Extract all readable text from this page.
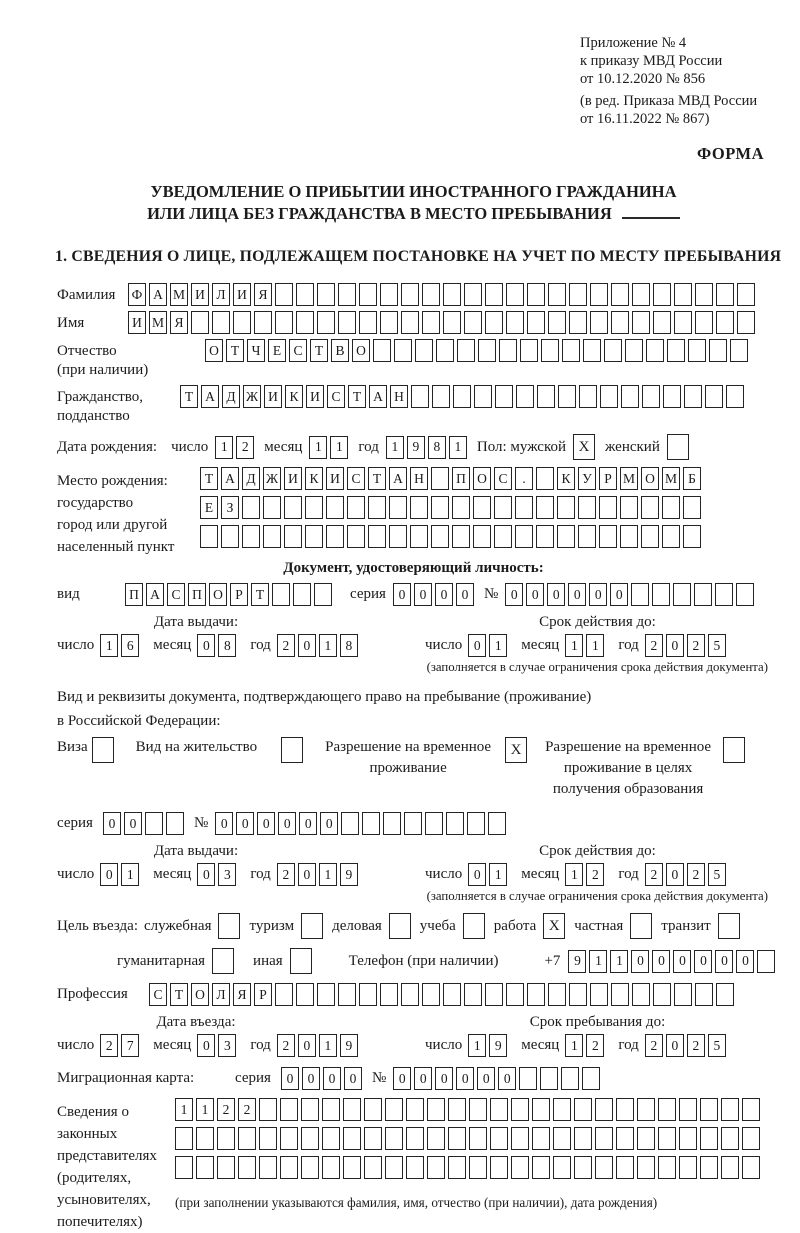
Приложение № 4
к приказу МВД России
от 10.12.2020 № 856
(в ред. Приказа МВД России
от 16.11.2022 № 867)
ФОРМА
УВЕДОМЛЕНИЕ О ПРИБЫТИИ ИНОСТРАННОГО ГРАЖДАНИНА
ИЛИ ЛИЦА БЕЗ ГРАЖДАНСТВА В МЕСТО ПРЕБЫВАНИЯ
1. СВЕДЕНИЯ О ЛИЦЕ, ПОДЛЕЖАЩЕМ ПОСТАНОВКЕ НА УЧЕТ ПО МЕСТУ ПРЕБЫВАНИЯ
Фамилия	Ф А М И Л И Я
Имя	И М Я
Отчество
(при наличии)
О Т Ч Е С Т В О
Гражданство,
подданство
Т А Д Ж И К И С Т А Н
Дата рождения: число 1	2	месяц 1	1	год 1	9	8	1	Пол: мужской X	женский
Место рождения:
государство
город или другой
населенный пункт
Т А Д Ж И К И С Т А Н	П О С	.	К У Р М О М Б

Е З

Документ, удостоверяющий личность:
вид	П А С П О Р Т	серия 0	0	0	0	№ 0	0	0	0	0	0
Дата выдачи:
число 1	6	месяц 0	8	год 2	0	1	8
Срок действия до:
число 0	1	месяц 1	1	год 2	0	2	5
(заполняется в случае ограничения срока действия документа)
Вид и реквизиты документа, подтверждающего право на пребывание (проживание)
в Российской Федерации:
Виза	Вид на жительство	Разрешение на временное
проживание
X	Разрешение на временное
проживание в целях
получения образования
серия	0	0	№ 0	0	0	0	0	0
Дата выдачи:
число 0	1	месяц 0	3	год 2	0	1	9
Срок действия до:
число 0	1	месяц 1	2	год 2	0	2	5
(заполняется в случае ограничения срока действия документа)
Цель въезда: служебная	туризм	деловая	учеба	работа X частная	транзит
гуманитарная	иная	Телефон (при наличии)	+7	9	1	1	0	0	0	0	0	0
Профессия	С Т О Л Я Р
Дата въезда:
число 2	7	месяц 0	3	год 2	0	1	9
Срок пребывания до:
число 1	9	месяц 1	2	год 2	0	2	5
Миграционная карта:	серия	0	0	0	0	№ 0	0	0	0	0	0
Сведения о
законных
представителях
(родителях,
усыновителях,
попечителях)
1	1	2	2

(при заполнении указываются фамилия, имя, отчество (при наличии), дата рождения)
